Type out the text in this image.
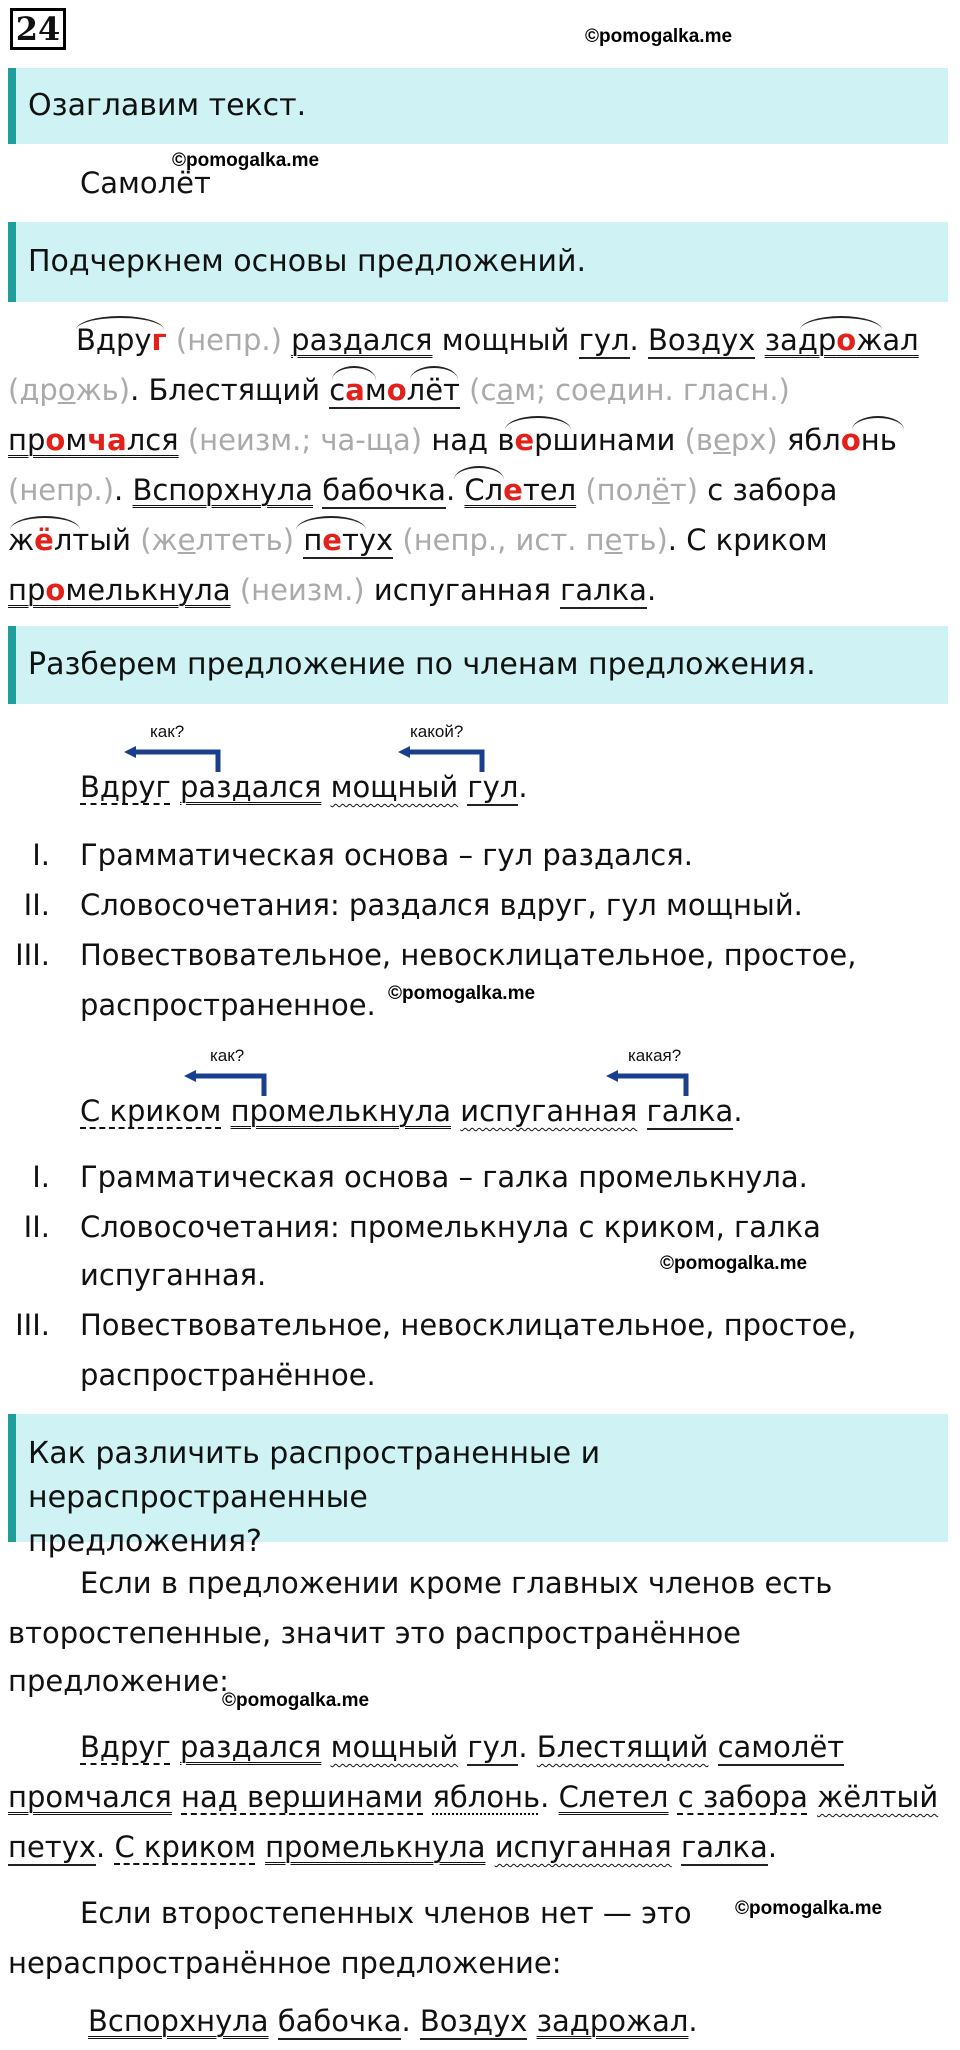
24	©pomogalka.me
Озаглавим текст.
©pomogalka.me
Самолёт
Подчеркнем основы предложений.
Вдруг (непр.) раздался мощный гул. Воздух задрожал
(дрожь). Блестящий самолёт (сам; соедин. гласн.)
промчался (неизм.; ча-ща) над вершинами (верх) яблонь
(непр.). Вспорхнула бабочка. Слетел (полёт) с забора
жёлтый (желтеть) петух (непр., ист. петь). С криком
промелькнула (неизм.) испуганная галка.
Разберем предложение по членам предложения.
как?	какой?
Вдруг раздался мощный гул.
I. Грамматическая основа – гул раздался.
II. Словосочетания: раздался вдруг, гул мощный.
III. Повествовательное, невосклицательное, простое,
распространенное. ©pomogalka.me
как?	какая?
С криком промелькнула испуганная галка.
I. Грамматическая основа – галка промелькнула.
II. Словосочетания: промелькнула с криком, галка
испуганная.	©pomogalka.me
III. Повествовательное, невосклицательное, простое,
распространённое.
Как различить распространенные и нераспространенные
предложения?
Если в предложении кроме главных членов есть
второстепенные, значит это распространённое
предложение:
©pomogalka.me
Вдруг раздался мощный гул. Блестящий самолёт
промчался над вершинами яблонь. Слетел с забора жёлтый
петух. С криком промелькнула испуганная галка.
Если второстепенных членов нет — это ©pomogalka.me
нераспространённое предложение:
Вспорхнула бабочка. Воздух задрожал.
